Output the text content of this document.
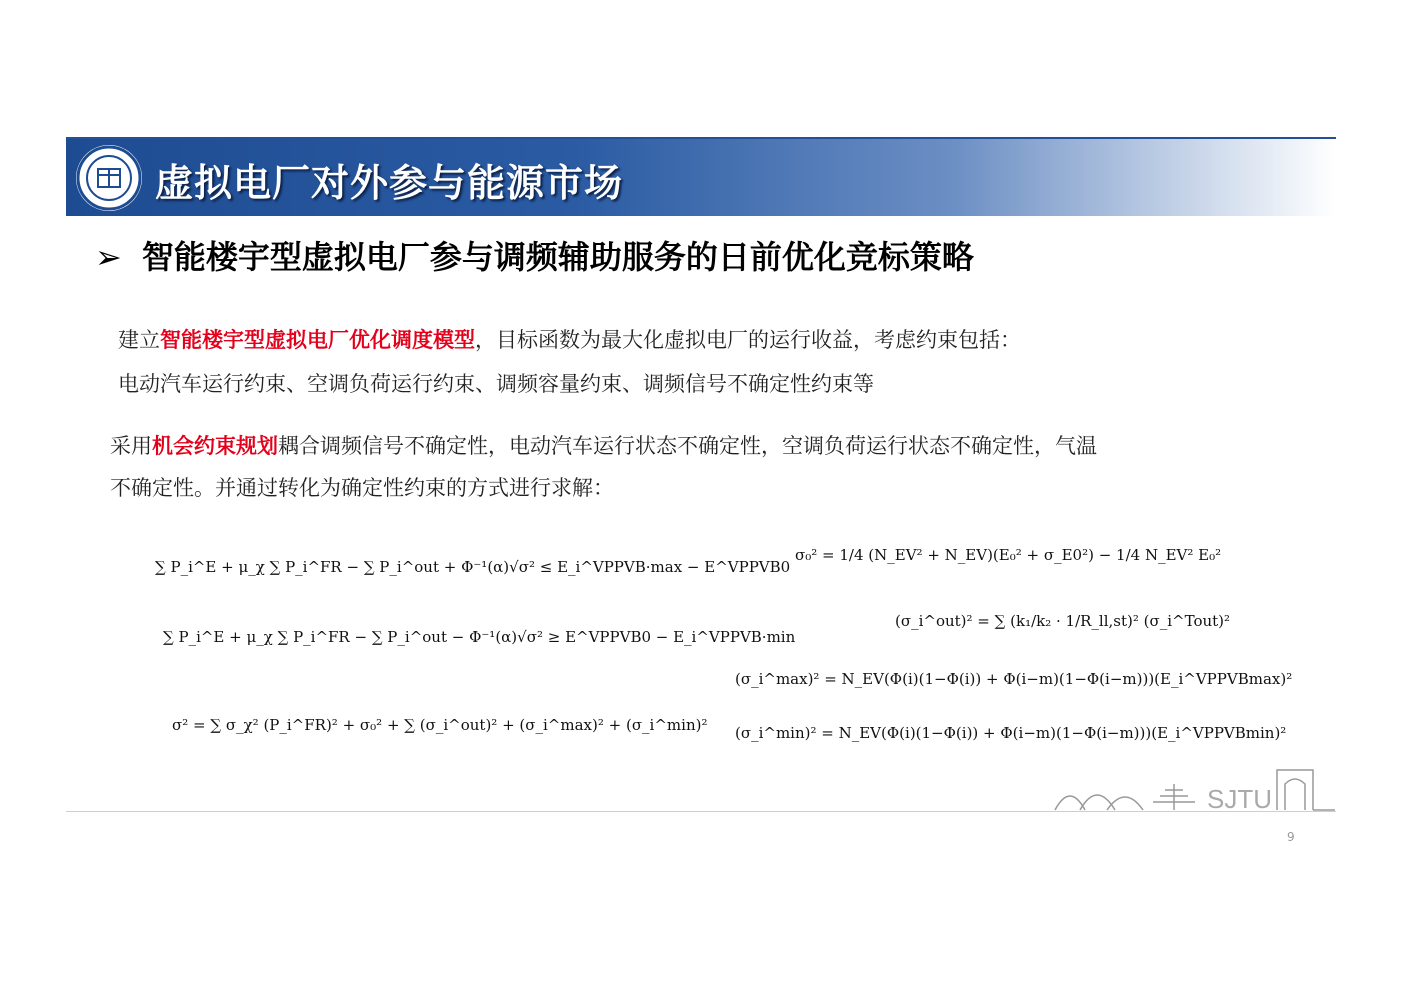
虚拟电厂对外参与能源市场
➢ 智能楼宇型虚拟电厂参与调频辅助服务的日前优化竞标策略
建立智能楼宇型虚拟电厂优化调度模型，目标函数为最大化虚拟电厂的运行收益，考虑约束包括：
电动汽车运行约束、空调负荷运行约束、调频容量约束、调频信号不确定性约束等
采用机会约束规划耦合调频信号不确定性，电动汽车运行状态不确定性，空调负荷运行状态不确定性，气温
不确定性。并通过转化为确定性约束的方式进行求解：
∑ P_i^E + μ_χ ∑ P_i^FR − ∑ P_i^out + Φ⁻¹(α)√σ² ≤ E_i^VPPVB·max − E^VPPVB0
∑ P_i^E + μ_χ ∑ P_i^FR − ∑ P_i^out − Φ⁻¹(α)√σ² ≥ E^VPPVB0 − E_i^VPPVB·min
σ² = ∑ σ_χ² (P_i^FR)² + σ₀² + ∑ (σ_i^out)² + (σ_i^max)² + (σ_i^min)²
σ₀² = 1/4 (N_EV² + N_EV)(E₀² + σ_E0²) − 1/4 N_EV² E₀²
(σ_i^out)² = ∑ (k₁/k₂ · 1/R_ll,st)² (σ_i^Tout)²
(σ_i^max)² = N_EV(Φ(i)(1−Φ(i)) + Φ(i−m)(1−Φ(i−m)))(E_i^VPPVBmax)²
(σ_i^min)² = N_EV(Φ(i)(1−Φ(i)) + Φ(i−m)(1−Φ(i−m)))(E_i^VPPVBmin)²
SJTU
9
